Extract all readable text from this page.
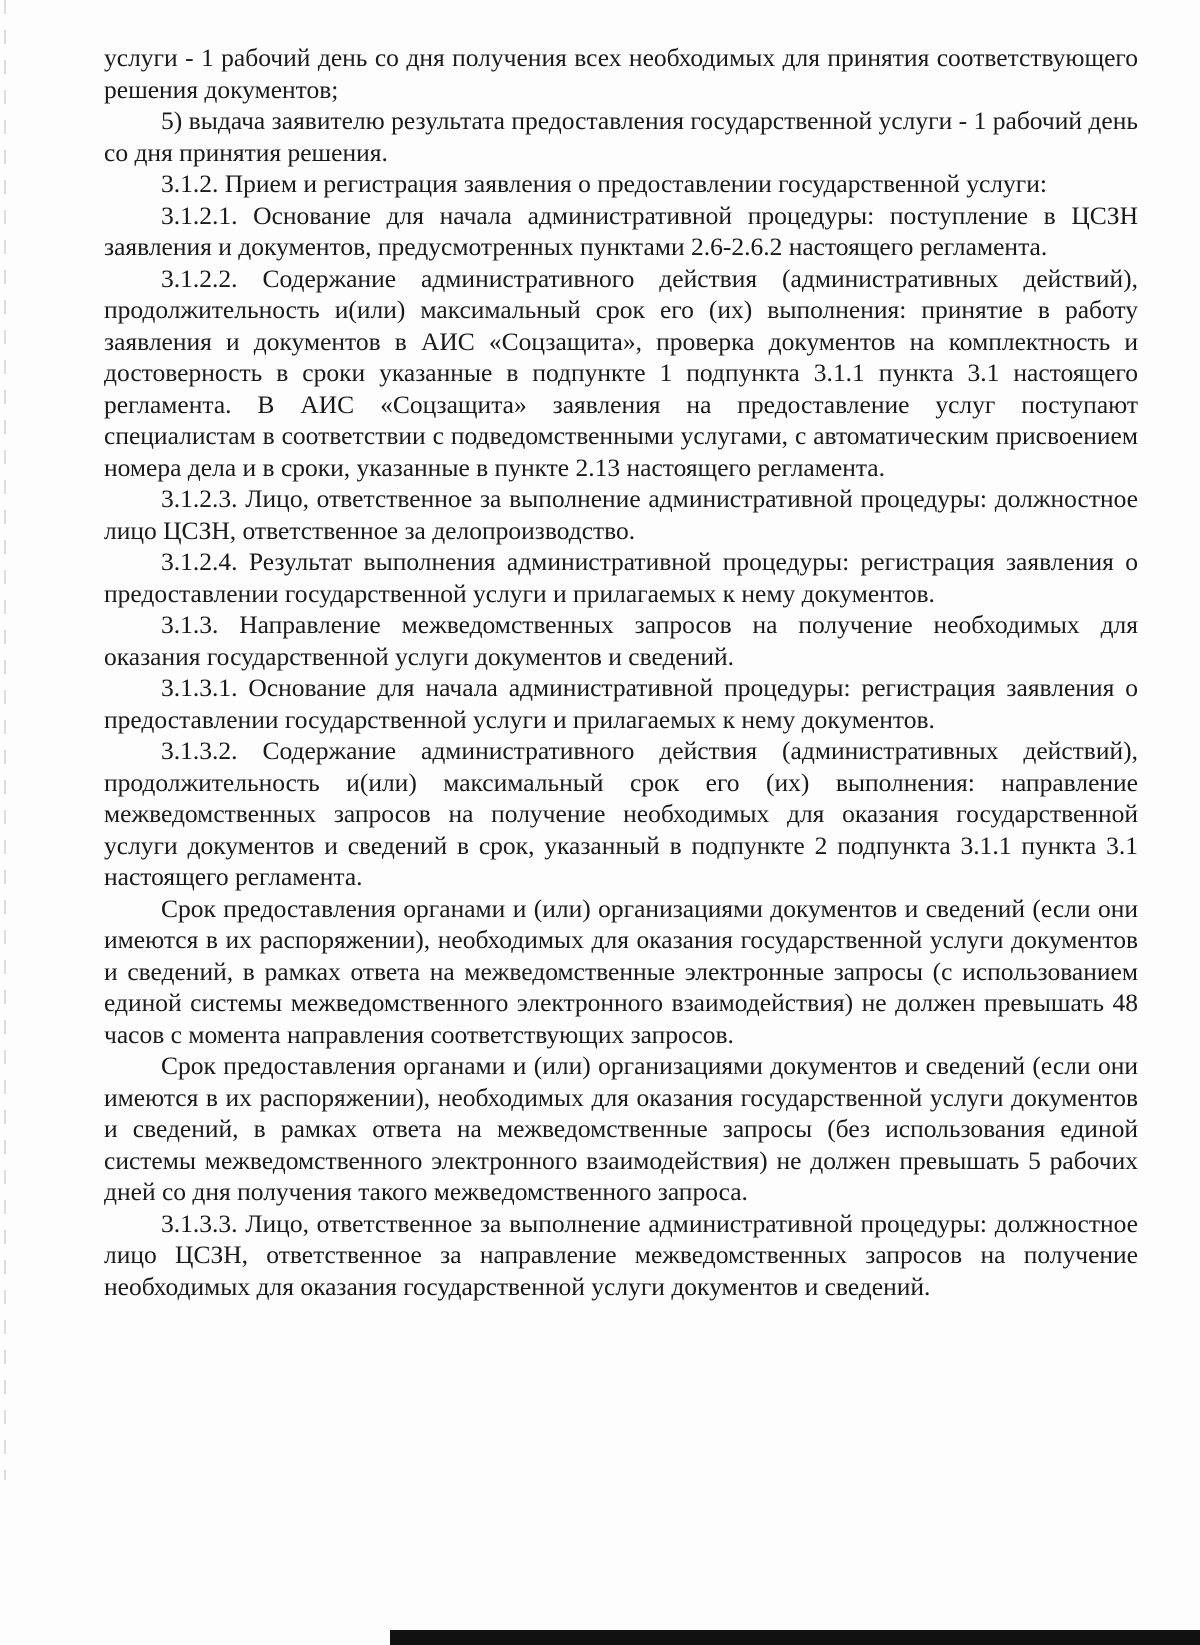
услуги - 1 рабочий день со дня получения всех необходимых для принятия соответствующего решения документов;

5) выдача заявителю результата предоставления государственной услуги - 1 рабочий день со дня принятия решения.

3.1.2. Прием и регистрация заявления о предоставлении государственной услуги:

3.1.2.1. Основание для начала административной процедуры: поступление в ЦСЗН заявления и документов, предусмотренных пунктами 2.6-2.6.2 настоящего регламента.

3.1.2.2. Содержание административного действия (административных действий), продолжительность и(или) максимальный срок его (их) выполнения: принятие в работу заявления и документов в АИС «Соцзащита», проверка документов на комплектность и достоверность в сроки указанные в подпункте 1 подпункта 3.1.1 пункта 3.1 настоящего регламента. В АИС «Соцзащита» заявления на предоставление услуг поступают специалистам в соответствии с подведомственными услугами, с автоматическим присвоением номера дела и в сроки, указанные в пункте 2.13 настоящего регламента.

3.1.2.3. Лицо, ответственное за выполнение административной процедуры: должностное лицо ЦСЗН, ответственное за делопроизводство.

3.1.2.4. Результат выполнения административной процедуры: регистрация заявления о предоставлении государственной услуги и прилагаемых к нему документов.

3.1.3. Направление межведомственных запросов на получение необходимых для оказания государственной услуги документов и сведений.

3.1.3.1. Основание для начала административной процедуры: регистрация заявления о предоставлении государственной услуги и прилагаемых к нему документов.

3.1.3.2. Содержание административного действия (административных действий), продолжительность и(или) максимальный срок его (их) выполнения: направление межведомственных запросов на получение необходимых для оказания государственной услуги документов и сведений в срок, указанный в подпункте 2 подпункта 3.1.1 пункта 3.1 настоящего регламента.

Срок предоставления органами и (или) организациями документов и сведений (если они имеются в их распоряжении), необходимых для оказания государственной услуги документов и сведений, в рамках ответа на межведомственные электронные запросы (с использованием единой системы межведомственного электронного взаимодействия) не должен превышать 48 часов с момента направления соответствующих запросов.

Срок предоставления органами и (или) организациями документов и сведений (если они имеются в их распоряжении), необходимых для оказания государственной услуги документов и сведений, в рамках ответа на межведомственные запросы (без использования единой системы межведомственного электронного взаимодействия) не должен превышать 5 рабочих дней со дня получения такого межведомственного запроса.

3.1.3.3. Лицо, ответственное за выполнение административной процедуры: должностное лицо ЦСЗН, ответственное за направление межведомственных запросов на получение необходимых для оказания государственной услуги документов и сведений.
